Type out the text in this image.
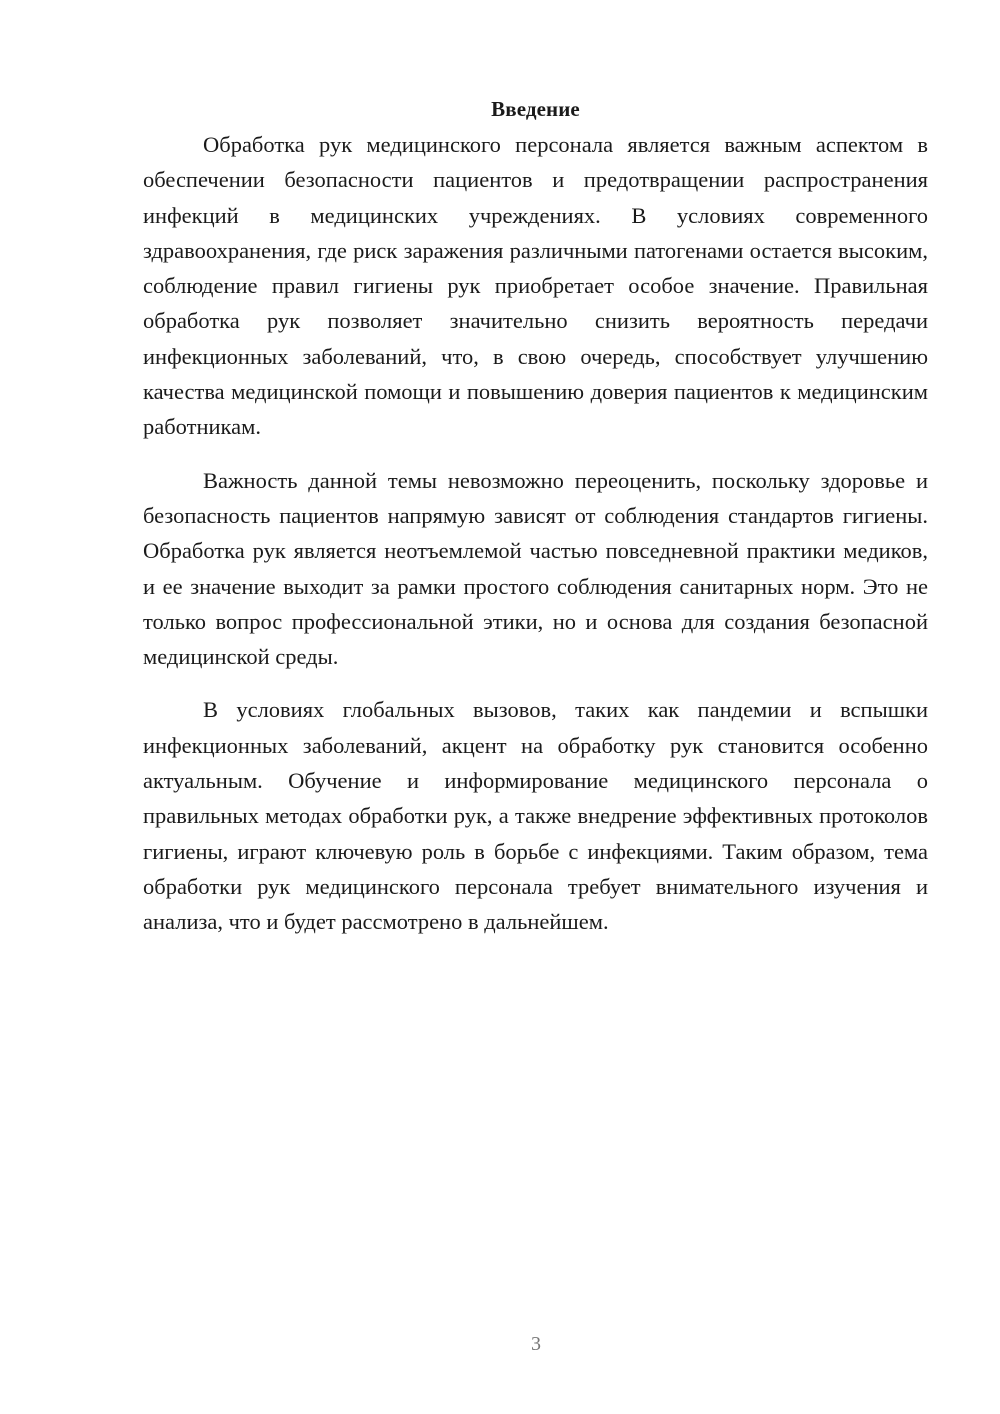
Введение

Обработка рук медицинского персонала является важным аспектом в обеспечении безопасности пациентов и предотвращении распространения инфекций в медицинских учреждениях. В условиях современного здравоохранения, где риск заражения различными патогенами остается высоким, соблюдение правил гигиены рук приобретает особое значение. Правильная обработка рук позволяет значительно снизить вероятность передачи инфекционных заболеваний, что, в свою очередь, способствует улучшению качества медицинской помощи и повышению доверия пациентов к медицинским работникам.

Важность данной темы невозможно переоценить, поскольку здоровье и безопасность пациентов напрямую зависят от соблюдения стандартов гигиены. Обработка рук является неотъемлемой частью повседневной практики медиков, и ее значение выходит за рамки простого соблюдения санитарных норм. Это не только вопрос профессиональной этики, но и основа для создания безопасной медицинской среды.

В условиях глобальных вызовов, таких как пандемии и вспышки инфекционных заболеваний, акцент на обработку рук становится особенно актуальным. Обучение и информирование медицинского персонала о правильных методах обработки рук, а также внедрение эффективных протоколов гигиены, играют ключевую роль в борьбе с инфекциями. Таким образом, тема обработки рук медицинского персонала требует внимательного изучения и анализа, что и будет рассмотрено в дальнейшем.

3
